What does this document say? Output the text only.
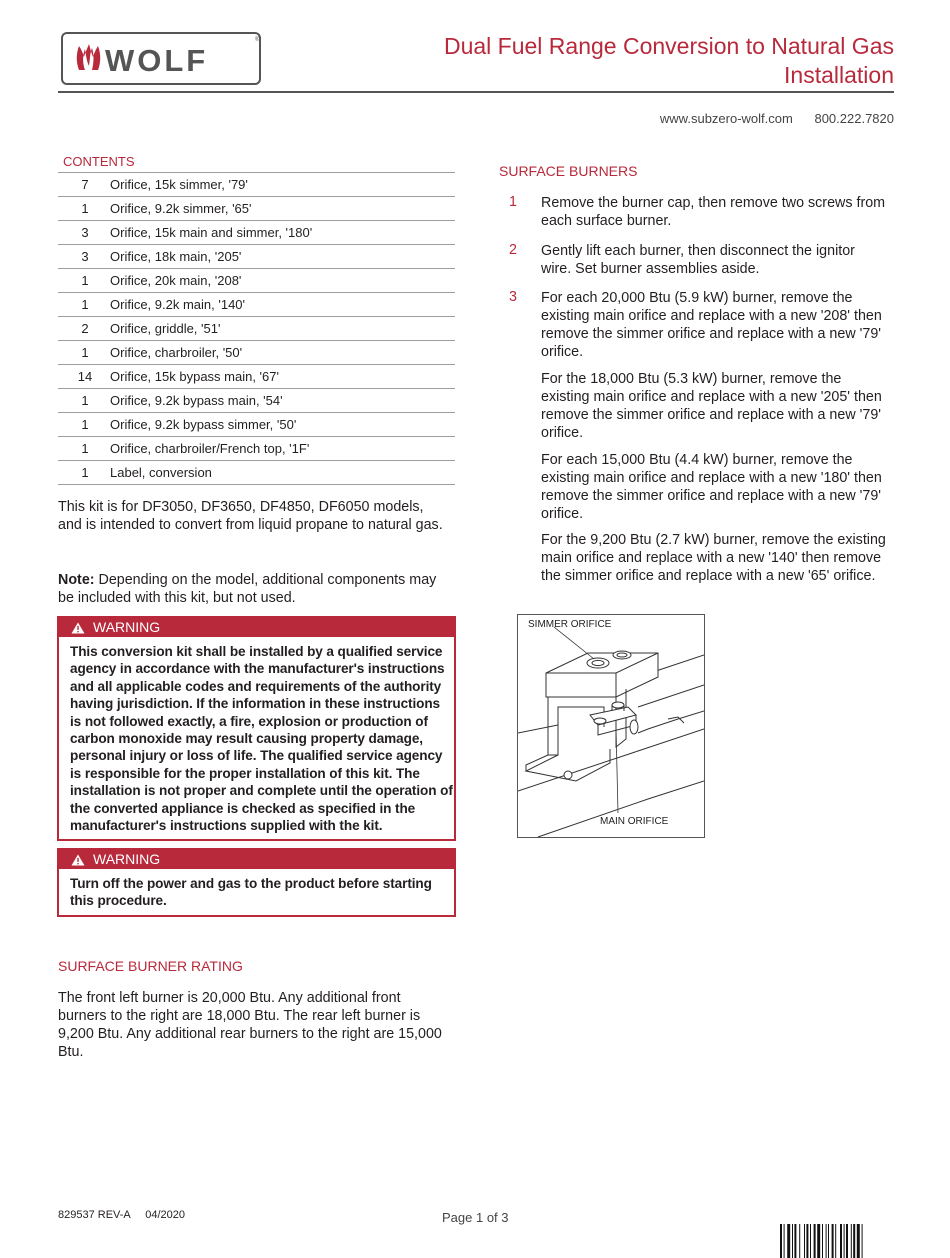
WOLF
®	Dual Fuel Range Conversion to Natural Gas
Installation
www.subzero-wolf.com 800.222.7820
CONTENTS
7	Orifice, 15k simmer, '79'
1	Orifice, 9.2k simmer, '65'
3	Orifice, 15k main and simmer, '180'
3	Orifice, 18k main, '205'
1	Orifice, 20k main, '208'
1	Orifice, 9.2k main, '140'
2	Orifice, griddle, '51'
1	Orifice, charbroiler, '50'
14	Orifice, 15k bypass main, '67'
1	Orifice, 9.2k bypass main, '54'
1	Orifice, 9.2k bypass simmer, '50'
1	Orifice, charbroiler/French top, '1F'
1	Label, conversion
This kit is for DF3050, DF3650, DF4850, DF6050 models, and is intended to convert from liquid propane to natural gas.
Note: Depending on the model, additional components may be included with this kit, but not used.
WARNING
This conversion kit shall be installed by a qualified service agency in accordance with the manufacturer's instructions and all applicable codes and requirements of the authority having jurisdiction. If the information in these instructions is not followed exactly, a fire, explosion or production of carbon monoxide may result causing property damage, personal injury or loss of life. The qualified service agency is responsible for the proper installation of this kit. The installation is not proper and complete until the operation of the converted appliance is checked as specified in the manufacturer's instructions supplied with the kit.
WARNING
Turn off the power and gas to the product before starting this procedure.
SURFACE BURNER RATING
The front left burner is 20,000 Btu. Any additional front burners to the right are 18,000 Btu. The rear left burner is 9,200 Btu. Any additional rear burners to the right are 15,000 Btu.
SURFACE BURNERS
1 Remove the burner cap, then remove two screws from each surface burner.
2 Gently lift each burner, then disconnect the ignitor wire. Set burner assemblies aside.
3 For each 20,000 Btu (5.9 kW) burner, remove the existing main orifice and replace with a new '208' then remove the simmer orifice and replace with a new '79' orifice.
For the 18,000 Btu (5.3 kW) burner, remove the existing main orifice and replace with a new '205' then remove the simmer orifice and replace with a new '79' orifice.
For each 15,000 Btu (4.4 kW) burner, remove the existing main orifice and replace with a new '180' then remove the simmer orifice and replace with a new '79' orifice.
For the 9,200 Btu (2.7 kW) burner, remove the existing main orifice and replace with a new '140' then remove the simmer orifice and replace with a new '65' orifice.
SIMMER ORIFICE
MAIN ORIFICE
829537 REV-A 04/2020	Page 1 of 3
